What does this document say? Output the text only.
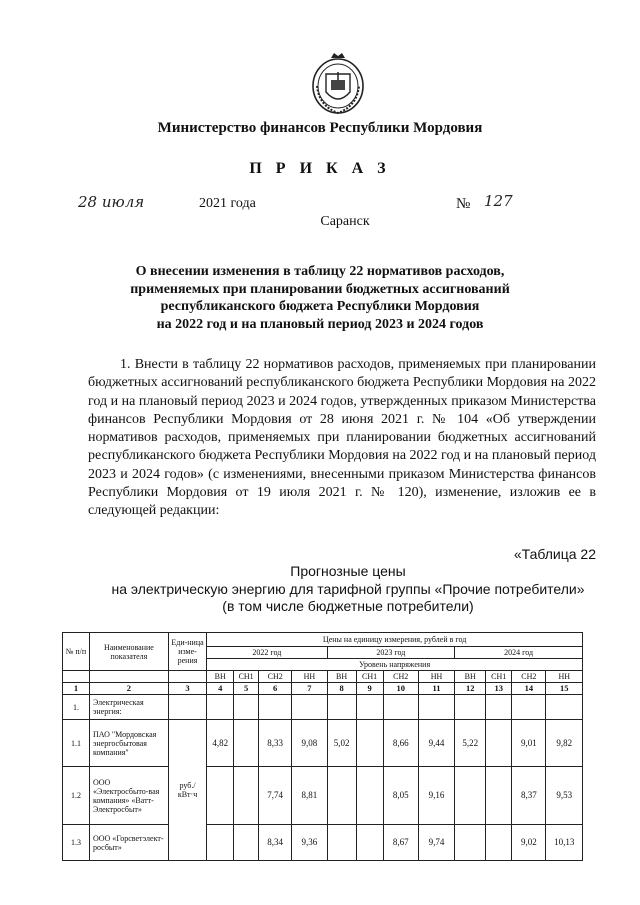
Министерство финансов Республики Мордовия
П Р И К А З
28 июля	2021 года	№ 127
Саранск
О внесении изменения в таблицу 22 нормативов расходов,
применяемых при планировании бюджетных ассигнований
республиканского бюджета Республики Мордовия
на 2022 год и на плановый период 2023 и 2024 годов

1. Внести в таблицу 22 нормативов расходов, применяемых при планировании бюджетных ассигнований республиканского бюджета Республики Мордовия на 2022 год и на плановый период 2023 и 2024 годов, утвержденных приказом Министерства финансов Республики Мордовия от 28 июня 2021 г. № 104 «Об утверждении нормативов расходов, применяемых при планировании бюджетных ассигнований республиканского бюджета Республики Мордовия на 2022 год и на плановый период 2023 и 2024 годов» (с изменениями, внесенными приказом Министерства финансов Республики Мордовия от 19 июля 2021 г. № 120), изменение, изложив ее в следующей редакции:

«Таблица 22
Прогнозные цены
на электрическую энергию для тарифной группы «Прочие потребители»
(в том числе бюджетные потребители)
№ п/п	Наименование показателя	Еди-ница изме-рения	Цены на единицу измерения, рублей в год											
			2022 год				2023 год				2024 год			
			Уровень напряжения											
			ВН	СН1	СН2	НН	ВН	СН1	СН2	НН	ВН	СН1	СН2	НН
1	2	3	4	5	6	7	8	9	10	11	12	13	14	15
1.	Электрическая энергия:													
1.1	ПАО "Мордовская энергосбытовая компания"	руб./ кВт·ч	4,82		8,33	9,08	5,02		8,66	9,44	5,22		9,01	9,82
1.2	ООО «Электросбыто-вая компания» «Ватт-Электросбыт»				7,74	8,81			8,05	9,16			8,37	9,53
1.3	ООО «Горсветэлект-росбыт»				8,34	9,36			8,67	9,74			9,02	10,13
